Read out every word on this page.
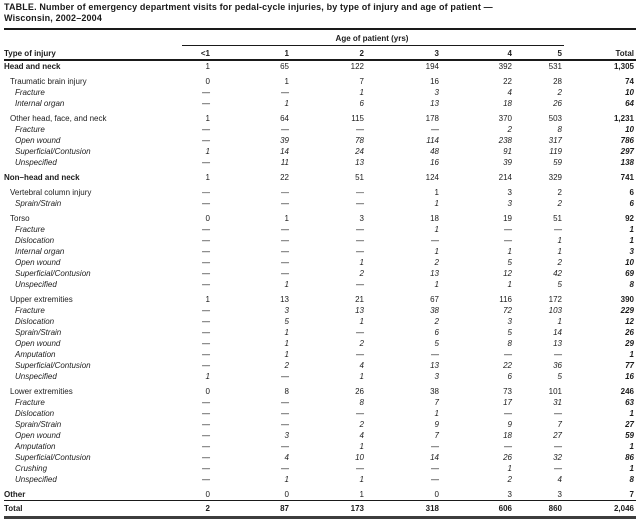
TABLE. Number of emergency department visits for pedal-cycle injuries, by type of injury and age of patient —
Wisconsin, 2002–2004
Type of injury	Age of patient (yrs)						Total
	<1	1	2	3	4	5	
Head and neck	1	65	122	194	392	531	1,305
Traumatic brain injury	0	1	7	16	22	28	74
Fracture	—	—	1	3	4	2	10
Internal organ	—	1	6	13	18	26	64
Other head, face, and neck	1	64	115	178	370	503	1,231
Fracture	—	—	—	—	2	8	10
Open wound	—	39	78	114	238	317	786
Superficial/Contusion	1	14	24	48	91	119	297
Unspecified	—	11	13	16	39	59	138
Non–head and neck	1	22	51	124	214	329	741
Vertebral column injury	—	—	—	1	3	2	6
Sprain/Strain	—	—	—	1	3	2	6
Torso	0	1	3	18	19	51	92
Fracture	—	—	—	1	—	—	1
Dislocation	—	—	—	—	—	1	1
Internal organ	—	—	—	1	1	1	3
Open wound	—	—	1	2	5	2	10
Superficial/Contusion	—	—	2	13	12	42	69
Unspecified	—	1	—	1	1	5	8
Upper extremities	1	13	21	67	116	172	390
Fracture	—	3	13	38	72	103	229
Dislocation	—	5	1	2	3	1	12
Sprain/Strain	—	1	—	6	5	14	26
Open wound	—	1	2	5	8	13	29
Amputation	—	1	—	—	—	—	1
Superficial/Contusion	—	2	4	13	22	36	77
Unspecified	1	—	1	3	6	5	16
Lower extremities	0	8	26	38	73	101	246
Fracture	—	—	8	7	17	31	63
Dislocation	—	—	—	1	—	—	1
Sprain/Strain	—	—	2	9	9	7	27
Open wound	—	3	4	7	18	27	59
Amputation	—	—	1	—	—	—	1
Superficial/Contusion	—	4	10	14	26	32	86
Crushing	—	—	—	—	1	—	1
Unspecified	—	1	1	—	2	4	8
Other	0	0	1	0	3	3	7
Total	2	87	173	318	606	860	2,046
